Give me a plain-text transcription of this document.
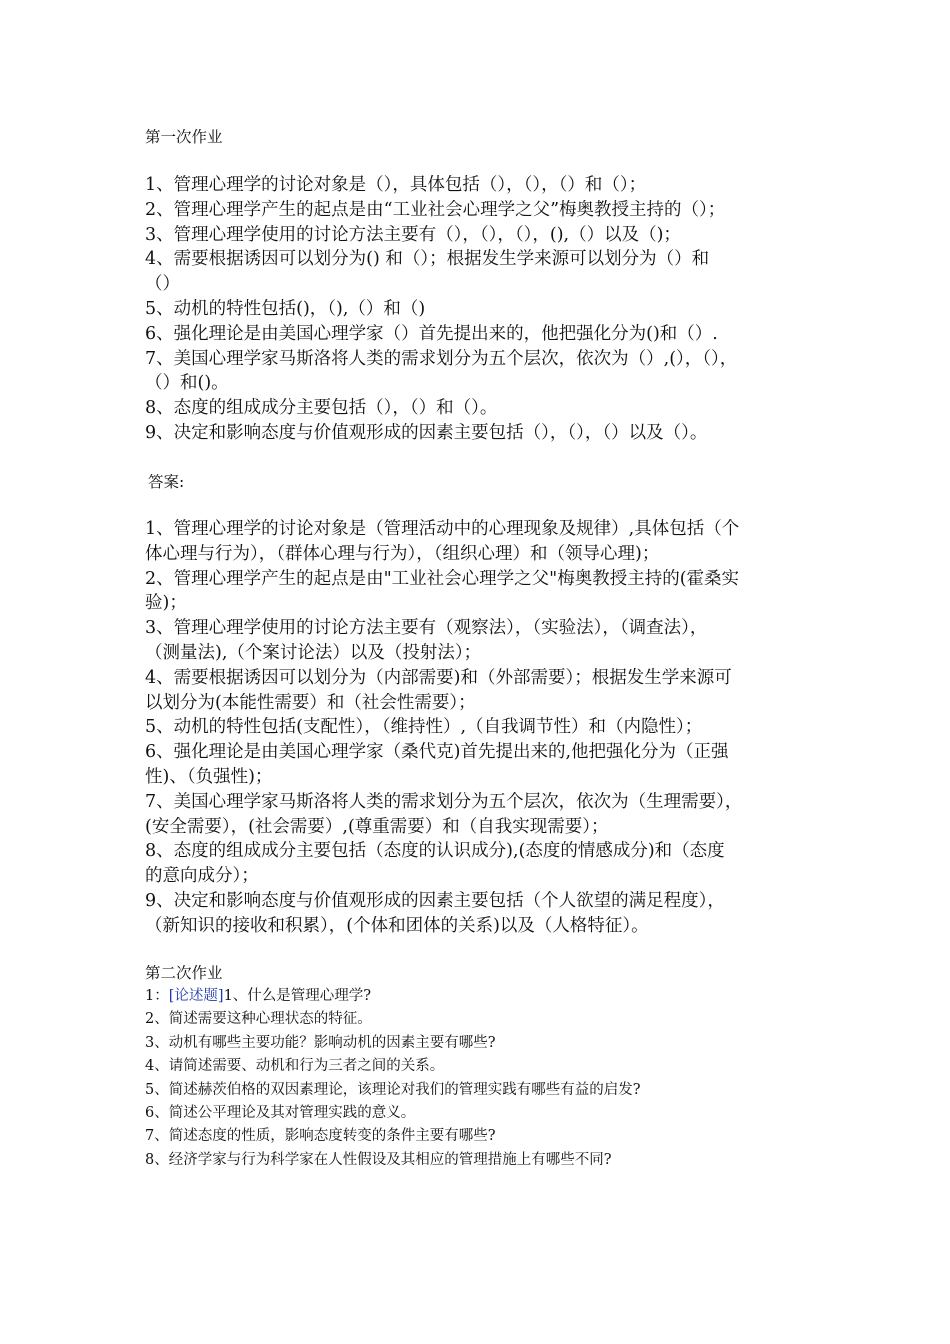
第一次作业
1、管理心理学的讨论对象是（），具体包括（），（），（）和（）；
2、管理心理学产生的起点是由“工业社会心理学之父”梅奥教授主持的（）；
3、管理心理学使用的讨论方法主要有（），（），（），(),（）以及（)；
4、需要根据诱因可以划分为() 和（）；根据发生学来源可以划分为（）和
（）
5、动机的特性包括()，（),（）和（)
6、强化理论是由美国心理学家（）首先提出来的，他把强化分为()和（）.
7、美国心理学家马斯洛将人类的需求划分为五个层次，依次为（）,(），（），
（）和()。
8、态度的组成成分主要包括（），（）和（）。
9、决定和影响态度与价值观形成的因素主要包括（），（），（）以及（）。
答案:
1、管理心理学的讨论对象是（管理活动中的心理现象及规律）,具体包括（个
体心理与行为），（群体心理与行为），（组织心理）和（领导心理)；
2、管理心理学产生的起点是由"工业社会心理学之父"梅奥教授主持的(霍桑实
验)；
3、管理心理学使用的讨论方法主要有（观察法），（实验法），（调查法），
（测量法),（个案讨论法）以及（投射法）；
4、需要根据诱因可以划分为（内部需要)和（外部需要）；根据发生学来源可
以划分为(本能性需要）和（社会性需要）；
5、动机的特性包括(支配性），（维持性）,（自我调节性）和（内隐性）；
6、强化理论是由美国心理学家（桑代克)首先提出来的,他把强化分为（正强
性)、（负强性)；
7、美国心理学家马斯洛将人类的需求划分为五个层次，依次为（生理需要），
(安全需要），(社会需要）,(尊重需要）和（自我实现需要）；
8、态度的组成成分主要包括（态度的认识成分),(态度的情感成分)和（态度
的意向成分）；
9、决定和影响态度与价值观形成的因素主要包括（个人欲望的满足程度），
（新知识的接收和积累），(个体和团体的关系)以及（人格特征）。
第二次作业
1：[论述题]1、什么是管理心理学?
2、简述需要这种心理状态的特征。
3、动机有哪些主要功能？影响动机的因素主要有哪些?
4、请简述需要、动机和行为三者之间的关系。
5、简述赫茨伯格的双因素理论，该理论对我们的管理实践有哪些有益的启发?
6、简述公平理论及其对管理实践的意义。
7、简述态度的性质，影响态度转变的条件主要有哪些?
8、经济学家与行为科学家在人性假设及其相应的管理措施上有哪些不同?
